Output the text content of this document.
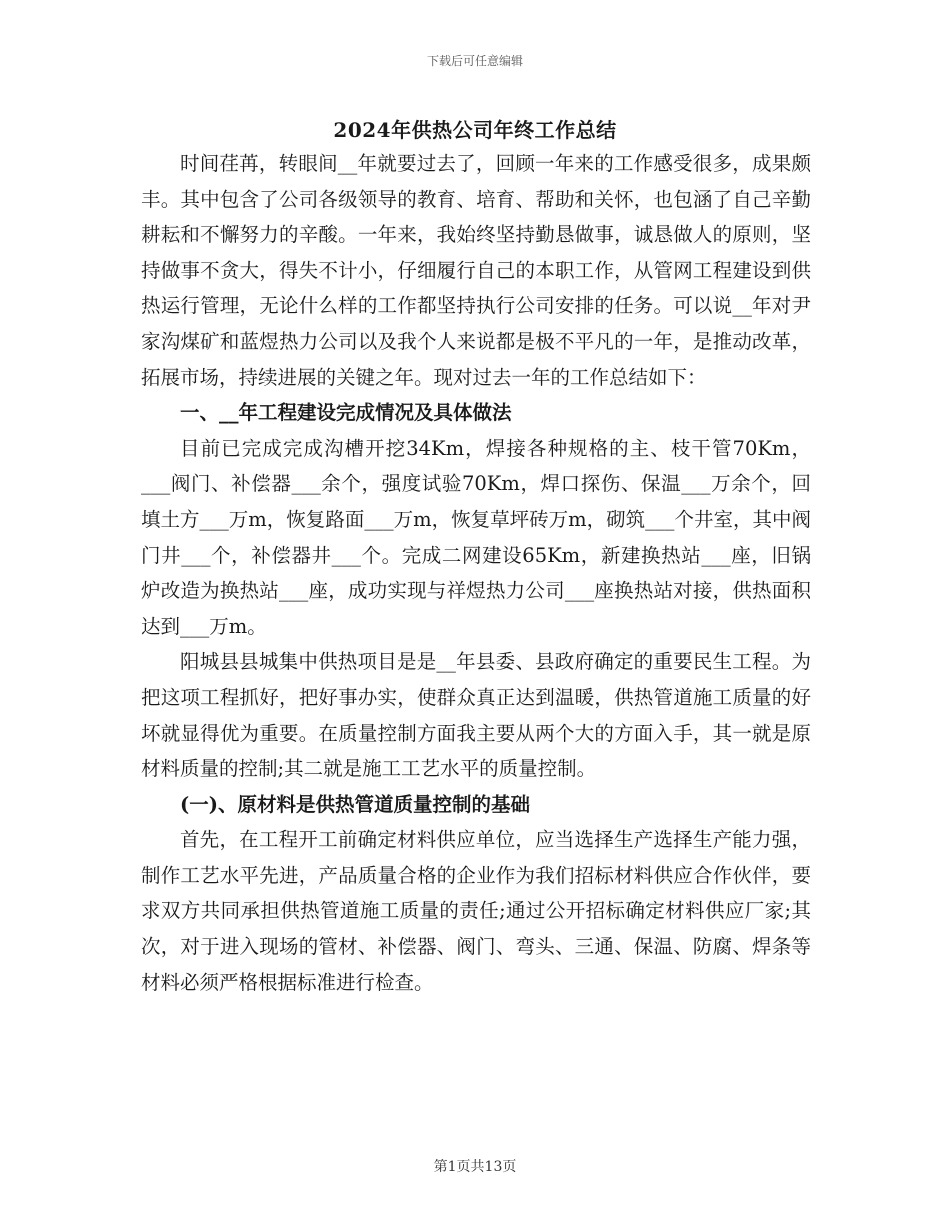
下载后可任意编辑
2024年供热公司年终工作总结

时间荏苒，转眼间__年就要过去了，回顾一年来的工作感受很多，成果颇丰。其中包含了公司各级领导的教育、培育、帮助和关怀，也包涵了自己辛勤耕耘和不懈努力的辛酸。一年来，我始终坚持勤恳做事，诚恳做人的原则，坚持做事不贪大，得失不计小，仔细履行自己的本职工作，从管网工程建设到供热运行管理，无论什么样的工作都坚持执行公司安排的任务。可以说__年对尹家沟煤矿和蓝煜热力公司以及我个人来说都是极不平凡的一年，是推动改革，拓展市场，持续进展的关键之年。现对过去一年的工作总结如下：

一、__年工程建设完成情况及具体做法

目前已完成完成沟槽开挖34Km，焊接各种规格的主、枝干管70Km，___阀门、补偿器___余个，强度试验70Km，焊口探伤、保温___万余个，回填土方___万m，恢复路面___万m，恢复草坪砖万m，砌筑___个井室，其中阀门井___个，补偿器井___个。完成二网建设65Km，新建换热站___座，旧锅炉改造为换热站___座，成功实现与祥煜热力公司___座换热站对接，供热面积达到___万m。

阳城县县城集中供热项目是是__年县委、县政府确定的重要民生工程。为把这项工程抓好，把好事办实，使群众真正达到温暖，供热管道施工质量的好坏就显得优为重要。在质量控制方面我主要从两个大的方面入手，其一就是原材料质量的控制;其二就是施工工艺水平的质量控制。

(一)、原材料是供热管道质量控制的基础

首先，在工程开工前确定材料供应单位，应当选择生产选择生产能力强，制作工艺水平先进，产品质量合格的企业作为我们招标材料供应合作伙伴，要求双方共同承担供热管道施工质量的责任;通过公开招标确定材料供应厂家;其次，对于进入现场的管材、补偿器、阀门、弯头、三通、保温、防腐、焊条等材料必须严格根据标准进行检查。

第1页共13页
